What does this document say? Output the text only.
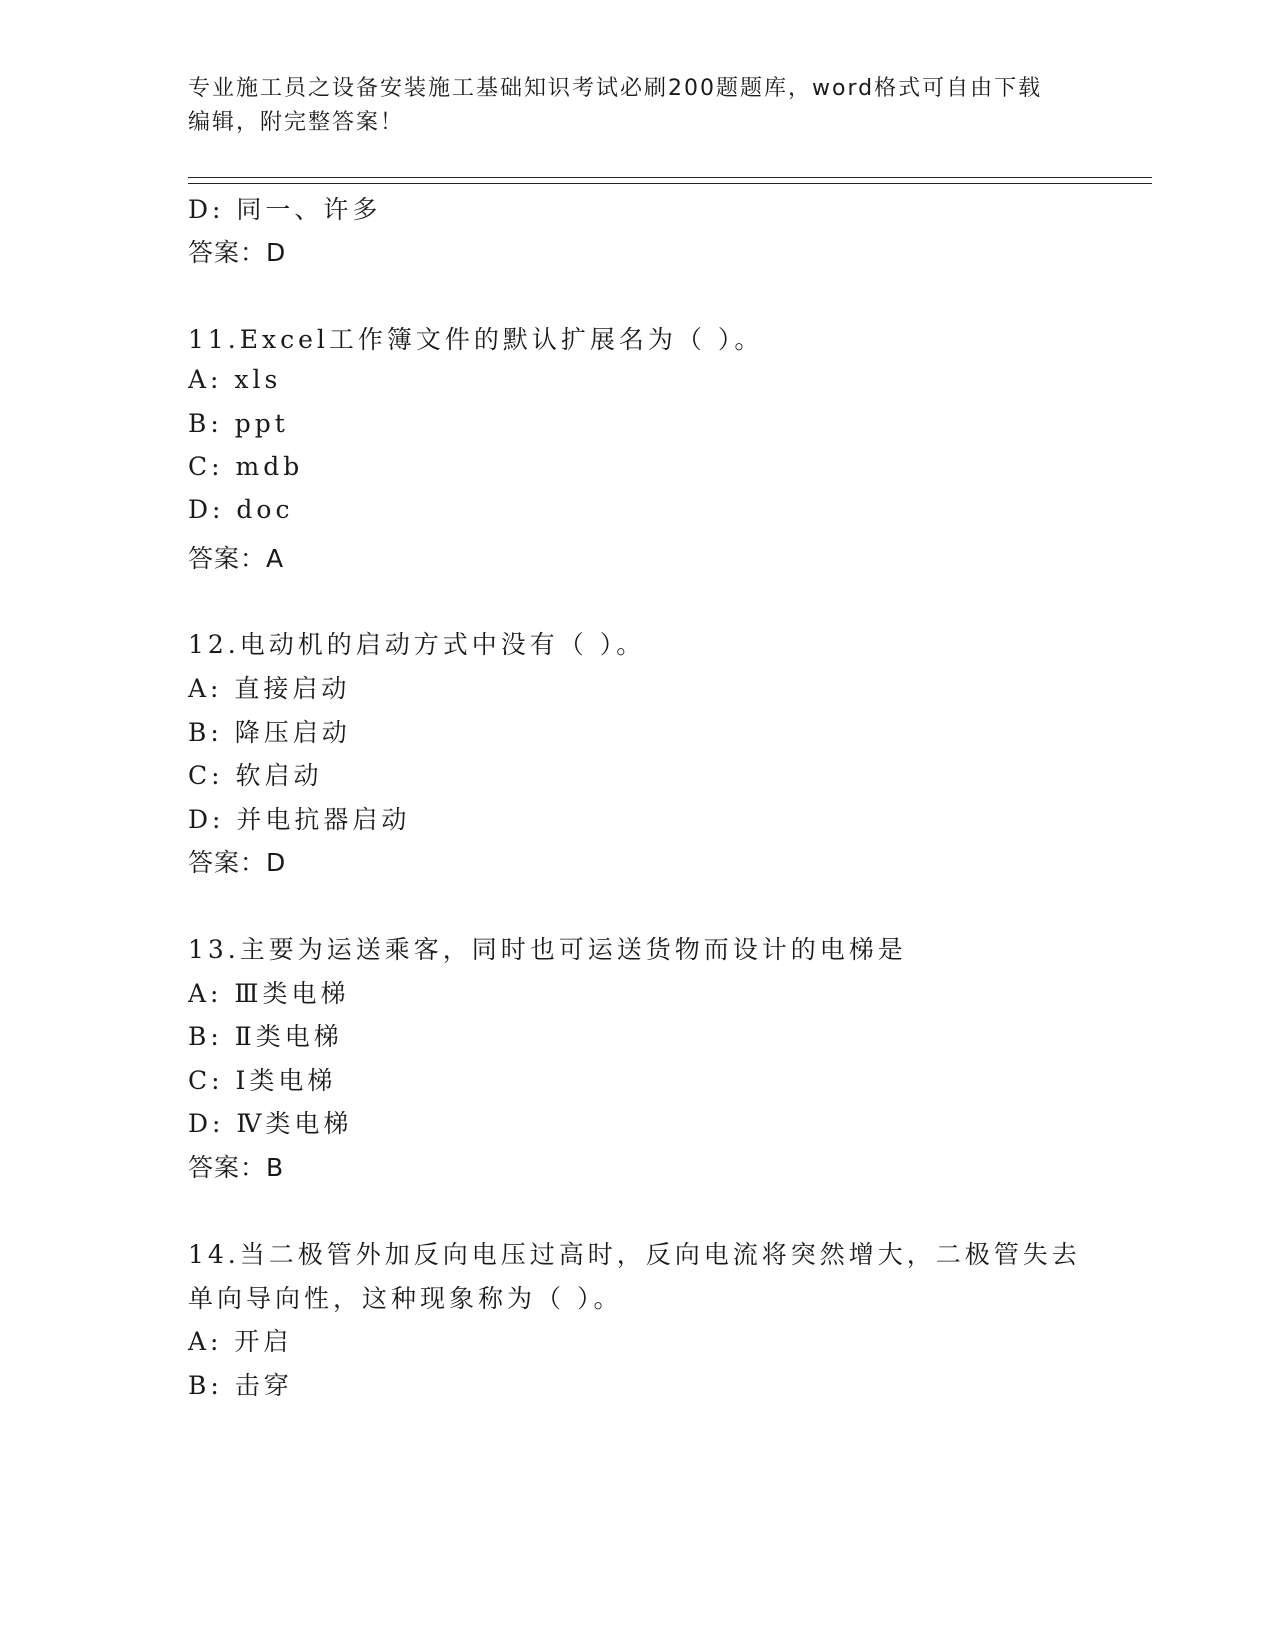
专业施工员之设备安装施工基础知识考试必刷200题题库，word格式可自由下载
编辑，附完整答案！
D: 同一、许多
答案：D
11.Excel工作簿文件的默认扩展名为（ ）。
A: xls
B: ppt
C: mdb
D: doc
答案：A
12.电动机的启动方式中没有（ ）。
A: 直接启动
B: 降压启动
C: 软启动
D: 并电抗器启动
答案：D
13.主要为运送乘客，同时也可运送货物而设计的电梯是
A: Ⅲ类电梯
B: Ⅱ类电梯
C: Ⅰ类电梯
D: Ⅳ类电梯
答案：B
14.当二极管外加反向电压过高时，反向电流将突然增大，二极管失去
单向导向性，这种现象称为（ ）。
A: 开启
B: 击穿
